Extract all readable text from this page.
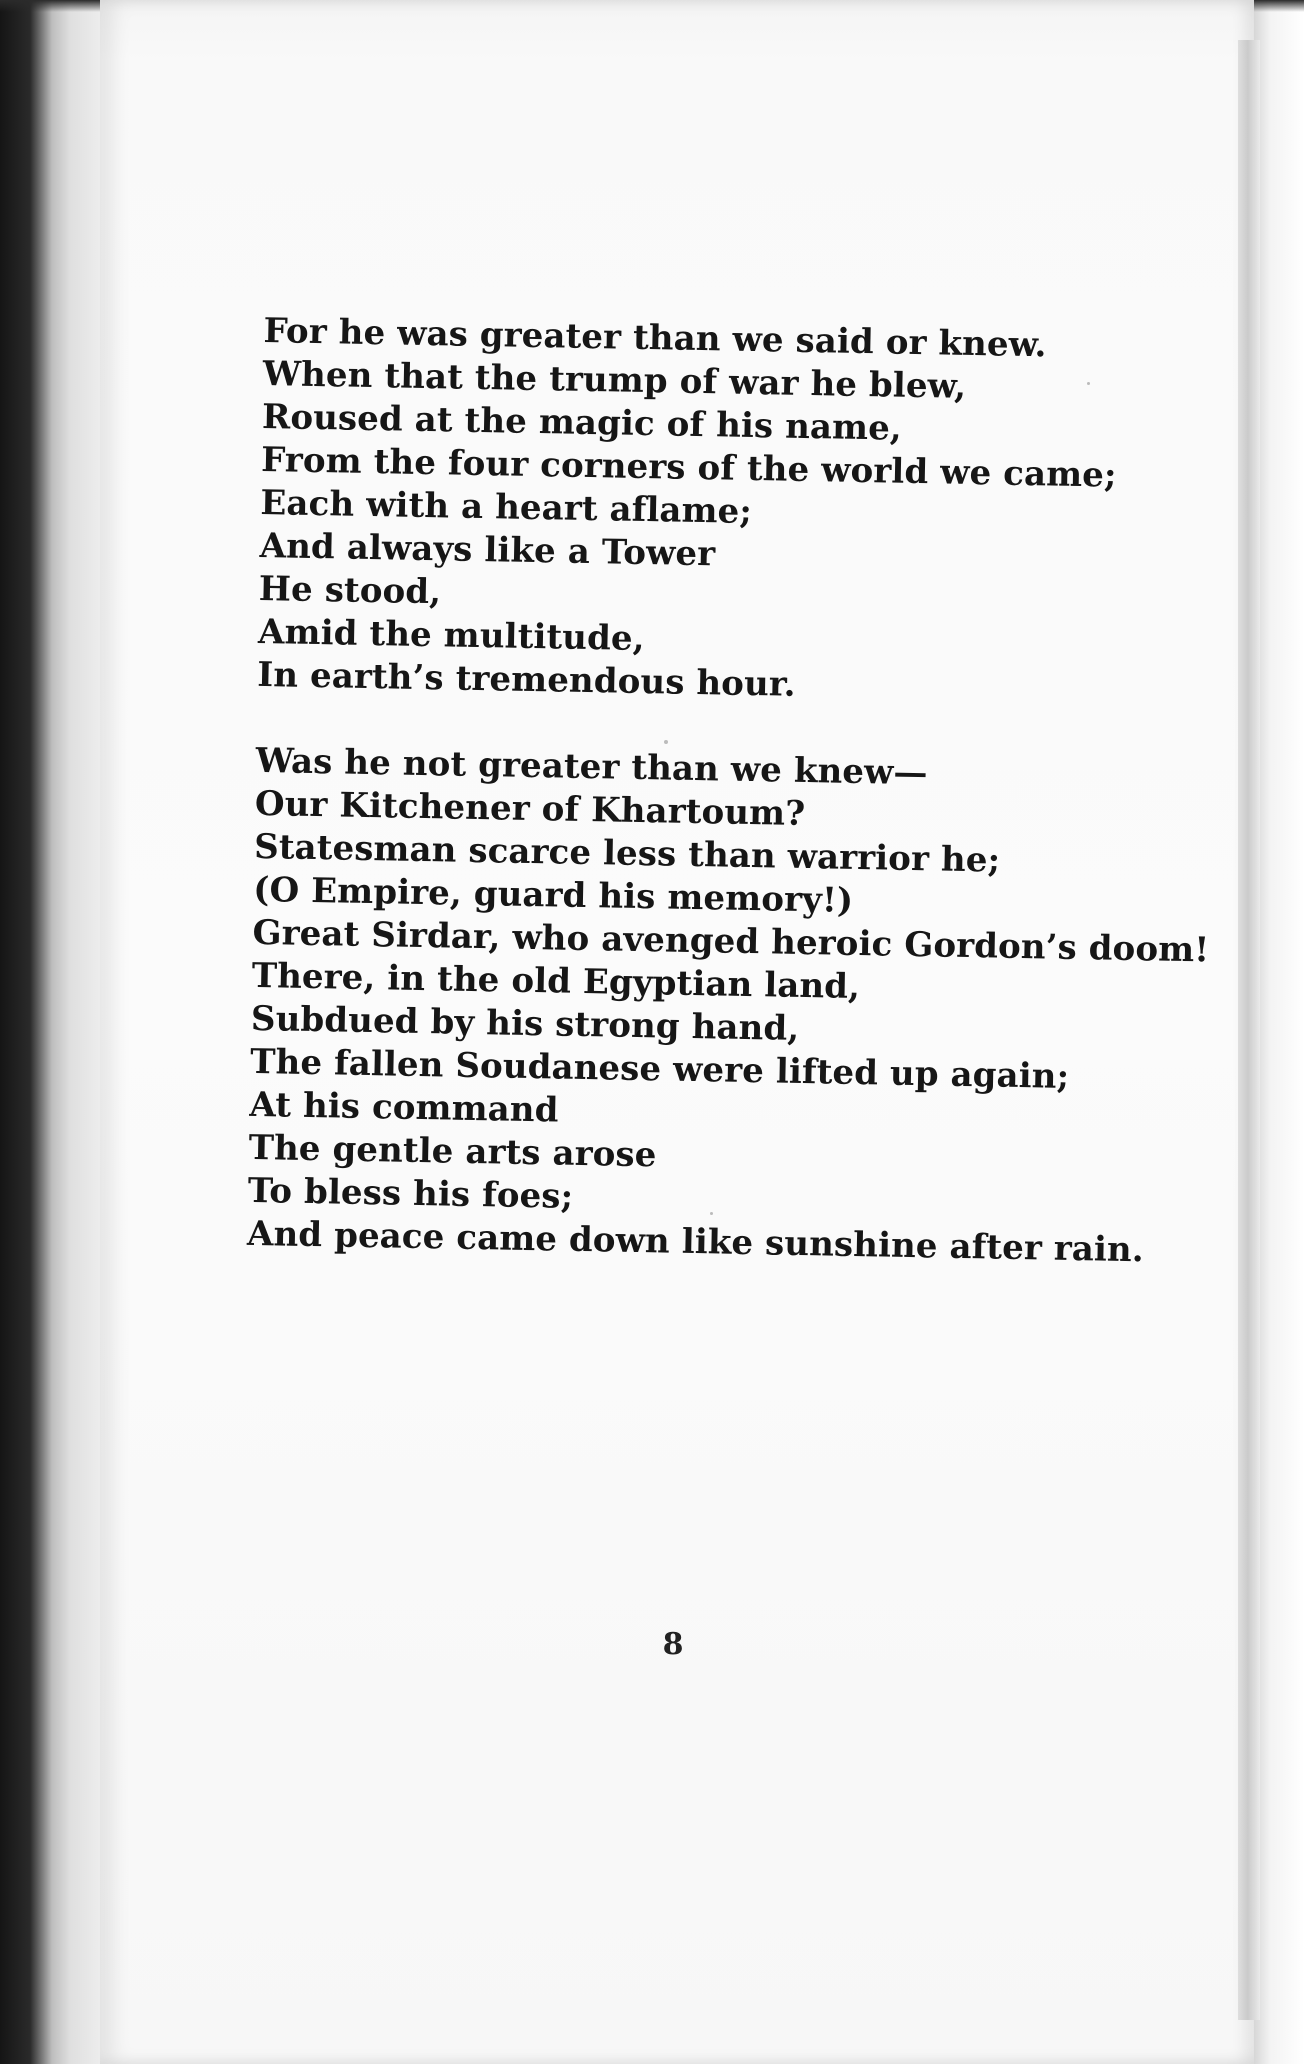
For he was greater than we said or knew.
When that the trump of war he blew,
Roused at the magic of his name,
From the four corners of the world we came;
Each with a heart aflame;
And always like a Tower
He stood,
Amid the multitude,
In earth’s tremendous hour.
Was he not greater than we knew—
Our Kitchener of Khartoum?
Statesman scarce less than warrior he;
(O Empire, guard his memory!)
Great Sirdar, who avenged heroic Gordon’s doom!
There, in the old Egyptian land,
Subdued by his strong hand,
The fallen Soudanese were lifted up again;
At his command
The gentle arts arose
To bless his foes;
And peace came down like sunshine after rain.
8
